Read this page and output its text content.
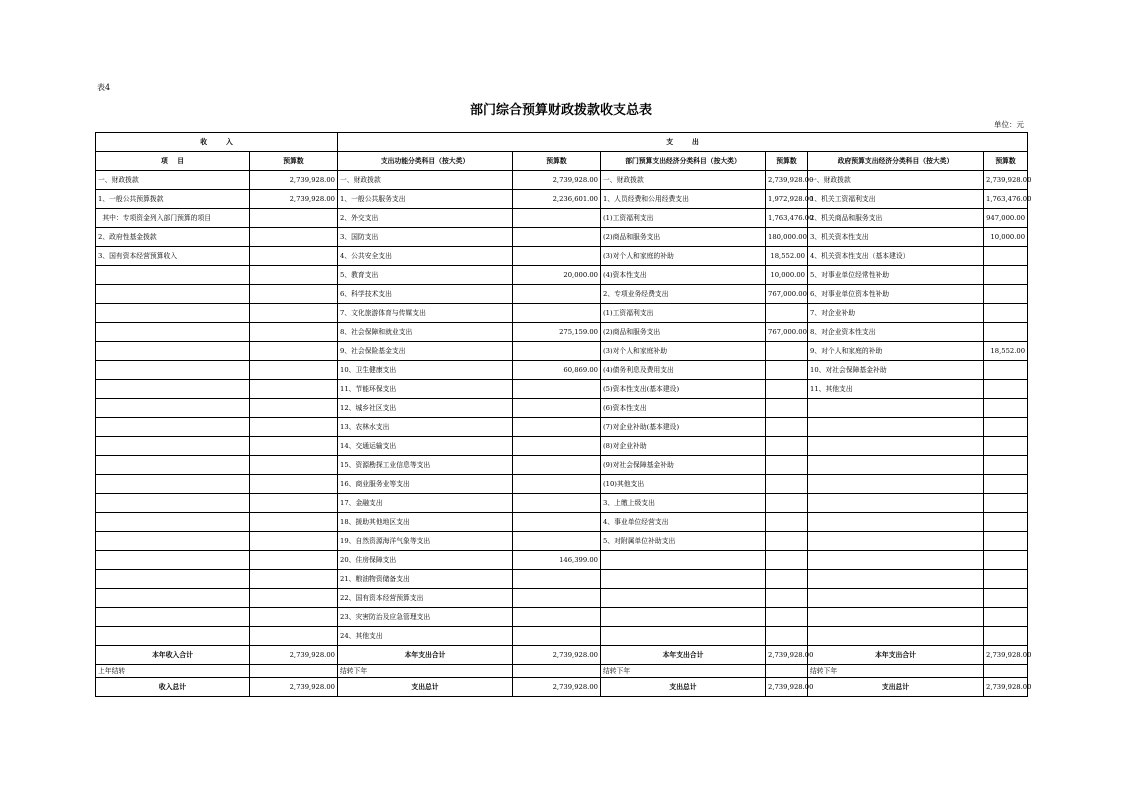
表4
部门综合预算财政拨款收支总表
单位：元
收        入		支        出					
项    目	预算数	支出功能分类科目（按大类）	预算数	部门预算支出经济分类科目（按大类）	预算数	政府预算支出经济分类科目（按大类）	预算数
一、财政拨款	2,739,928.00	一、财政拨款	2,739,928.00	一、财政拨款	2,739,928.00	一、财政拨款	2,739,928.00
1、一般公共预算拨款	2,739,928.00	1、一般公共服务支出	2,236,601.00	1、人员经费和公用经费支出	1,972,928.00	1、机关工资福利支出	1,763,476.00
其中：专项资金列入部门预算的项目		2、外交支出		(1)工资福利支出	1,763,476.00	2、机关商品和服务支出	947,000.00
2、政府性基金拨款		3、国防支出		(2)商品和服务支出	180,000.00	3、机关资本性支出	10,000.00
3、国有资本经营预算收入		4、公共安全支出		(3)对个人和家庭的补助	18,552.00	4、机关资本性支出（基本建设）	
		5、教育支出	20,000.00	(4)资本性支出	10,000.00	5、对事业单位经常性补助	
		6、科学技术支出		2、专项业务经费支出	767,000.00	6、对事业单位资本性补助	
		7、文化旅游体育与传媒支出		(1)工资福利支出		7、对企业补助	
		8、社会保障和就业支出	275,159.00	(2)商品和服务支出	767,000.00	8、对企业资本性支出	
		9、社会保险基金支出		(3)对个人和家庭补助		9、对个人和家庭的补助	18,552.00
		10、卫生健康支出	60,869.00	(4)债务利息及费用支出		10、对社会保障基金补助	
		11、节能环保支出		(5)资本性支出(基本建设)		11、其他支出	
		12、城乡社区支出		(6)资本性支出			
		13、农林水支出		(7)对企业补助(基本建设)			
		14、交通运输支出		(8)对企业补助			
		15、资源勘探工业信息等支出		(9)对社会保障基金补助			
		16、商业服务业等支出		(10)其他支出			
		17、金融支出		3、上缴上级支出			
		18、援助其他地区支出		4、事业单位经营支出			
		19、自然资源海洋气象等支出		5、对附属单位补助支出			
		20、住房保障支出	146,399.00				
		21、粮油物资储备支出					
		22、国有资本经营预算支出					
		23、灾害防治及应急管理支出					
		24、其他支出					
本年收入合计	2,739,928.00	本年支出合计	2,739,928.00	本年支出合计	2,739,928.00	本年支出合计	2,739,928.00
上年结转		结转下年		结转下年		结转下年	
收入总计	2,739,928.00	支出总计	2,739,928.00	支出总计	2,739,928.00	支出总计	2,739,928.00
